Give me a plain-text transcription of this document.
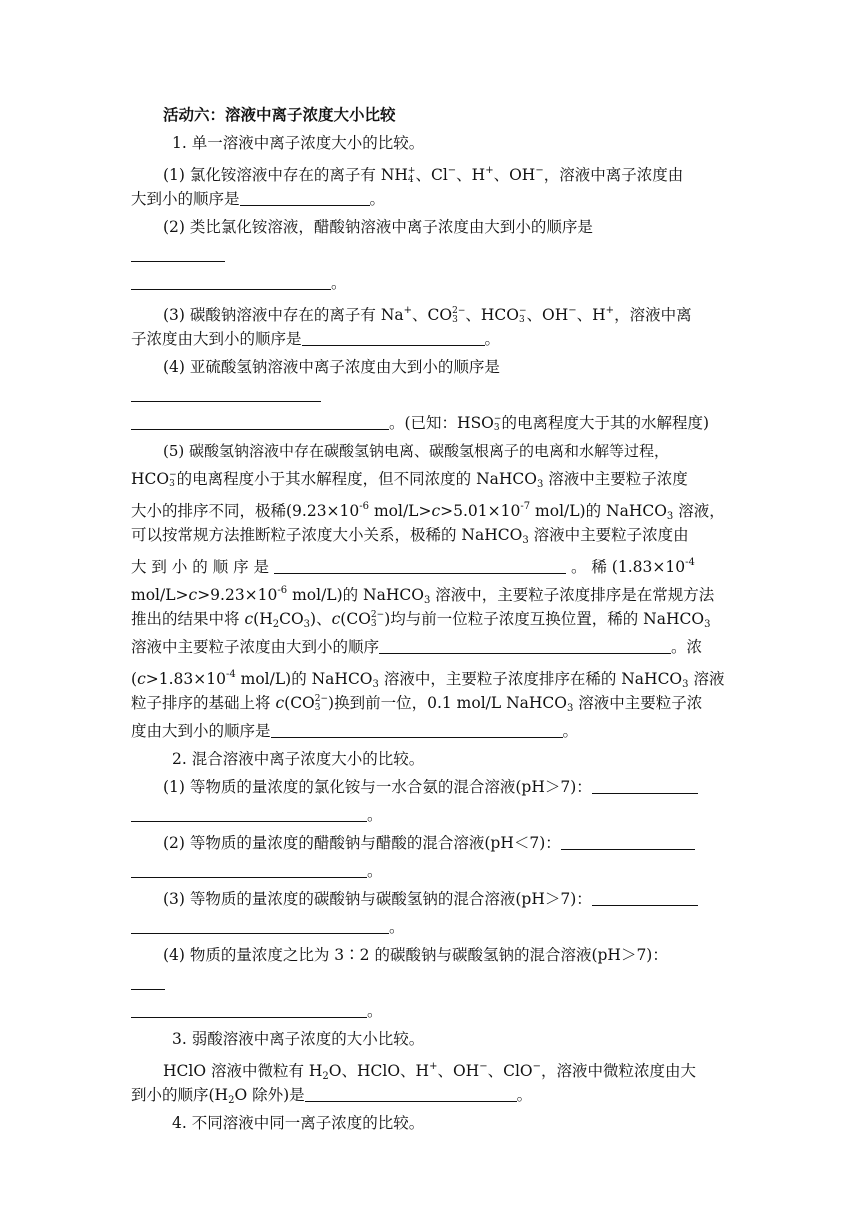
活动六：溶液中离子浓度大小比较
1. 单一溶液中离子浓度大小的比较。
(1) 氯化铵溶液中存在的离子有 NH +
4 、Cl−、H+、OH−，溶液中离子浓度由
大到小的顺序是	。
(2) 类比氯化铵溶液，醋酸钠溶液中离子浓度由大到小的顺序是
。
(3) 碳酸钠溶液中存在的离子有 Na+、CO 2−
3 、HCO −
3 、OH−、H+，溶液中离
子浓度由大到小的顺序是	。
(4) 亚硫酸氢钠溶液中离子浓度由大到小的顺序是
。(已知：HSO −
3 的电离程度大于其的水解程度)
(5) 碳酸氢钠溶液中存在碳酸氢钠电离、碳酸氢根离子的电离和水解等过程，
HCO −
3 的电离程度小于其水解程度，但不同浓度的 NaHCO$_3$ 溶液中主要粒子浓度
大小的排序不同，极稀($9.23\times 10^{-6}$ mol/$L>c>5.01\times 10^{-7}$ mol/L)的 NaHCO$_3$ 溶液，
可以按常规方法推断粒子浓度大小关系，极稀的 NaHCO$_3$ 溶液中主要粒子浓度由
大 到 小 的 顺 序 是	。 稀 ($1.83\times 10^{-4}$
mol/$L>c>9.23\times 10^{-6}$ mol/L)的 NaHCO$_3$ 溶液中，主要粒子浓度排序是在常规方法
推出的结果中将 $c(H_2CO_3)$、c(CO 2−
3 )均与前一位粒子浓度互换位置，稀的 NaHCO$_3$
溶液中主要粒子浓度由大到小的顺序	。浓
($c>1.83\times 10^{-4}$ mol/L)的 NaHCO$_3$ 溶液中，主要粒子浓度排序在稀的 NaHCO$_3$ 溶液
粒子排序的基础上将 c(CO 2−
3 )换到前一位，0.1 mol/L NaHCO$_3$ 溶液中主要粒子浓
度由大到小的顺序是	。
2. 混合溶液中离子浓度大小的比较。
(1) 等物质的量浓度的氯化铵与一水合氨的混合溶液(pH＞7)：
。
(2) 等物质的量浓度的醋酸钠与醋酸的混合溶液(pH＜7)：
。
(3) 等物质的量浓度的碳酸钠与碳酸氢钠的混合溶液(pH＞7)：
。
(4) 物质的量浓度之比为 3∶2 的碳酸钠与碳酸氢钠的混合溶液(pH＞7)：
。
3. 弱酸溶液中离子浓度的大小比较。
HClO 溶液中微粒有 $H_2O$、HClO、H+、OH−、ClO−，溶液中微粒浓度由大
到小的顺序($H_2O$ 除外)是	。
4. 不同溶液中同一离子浓度的比较。
